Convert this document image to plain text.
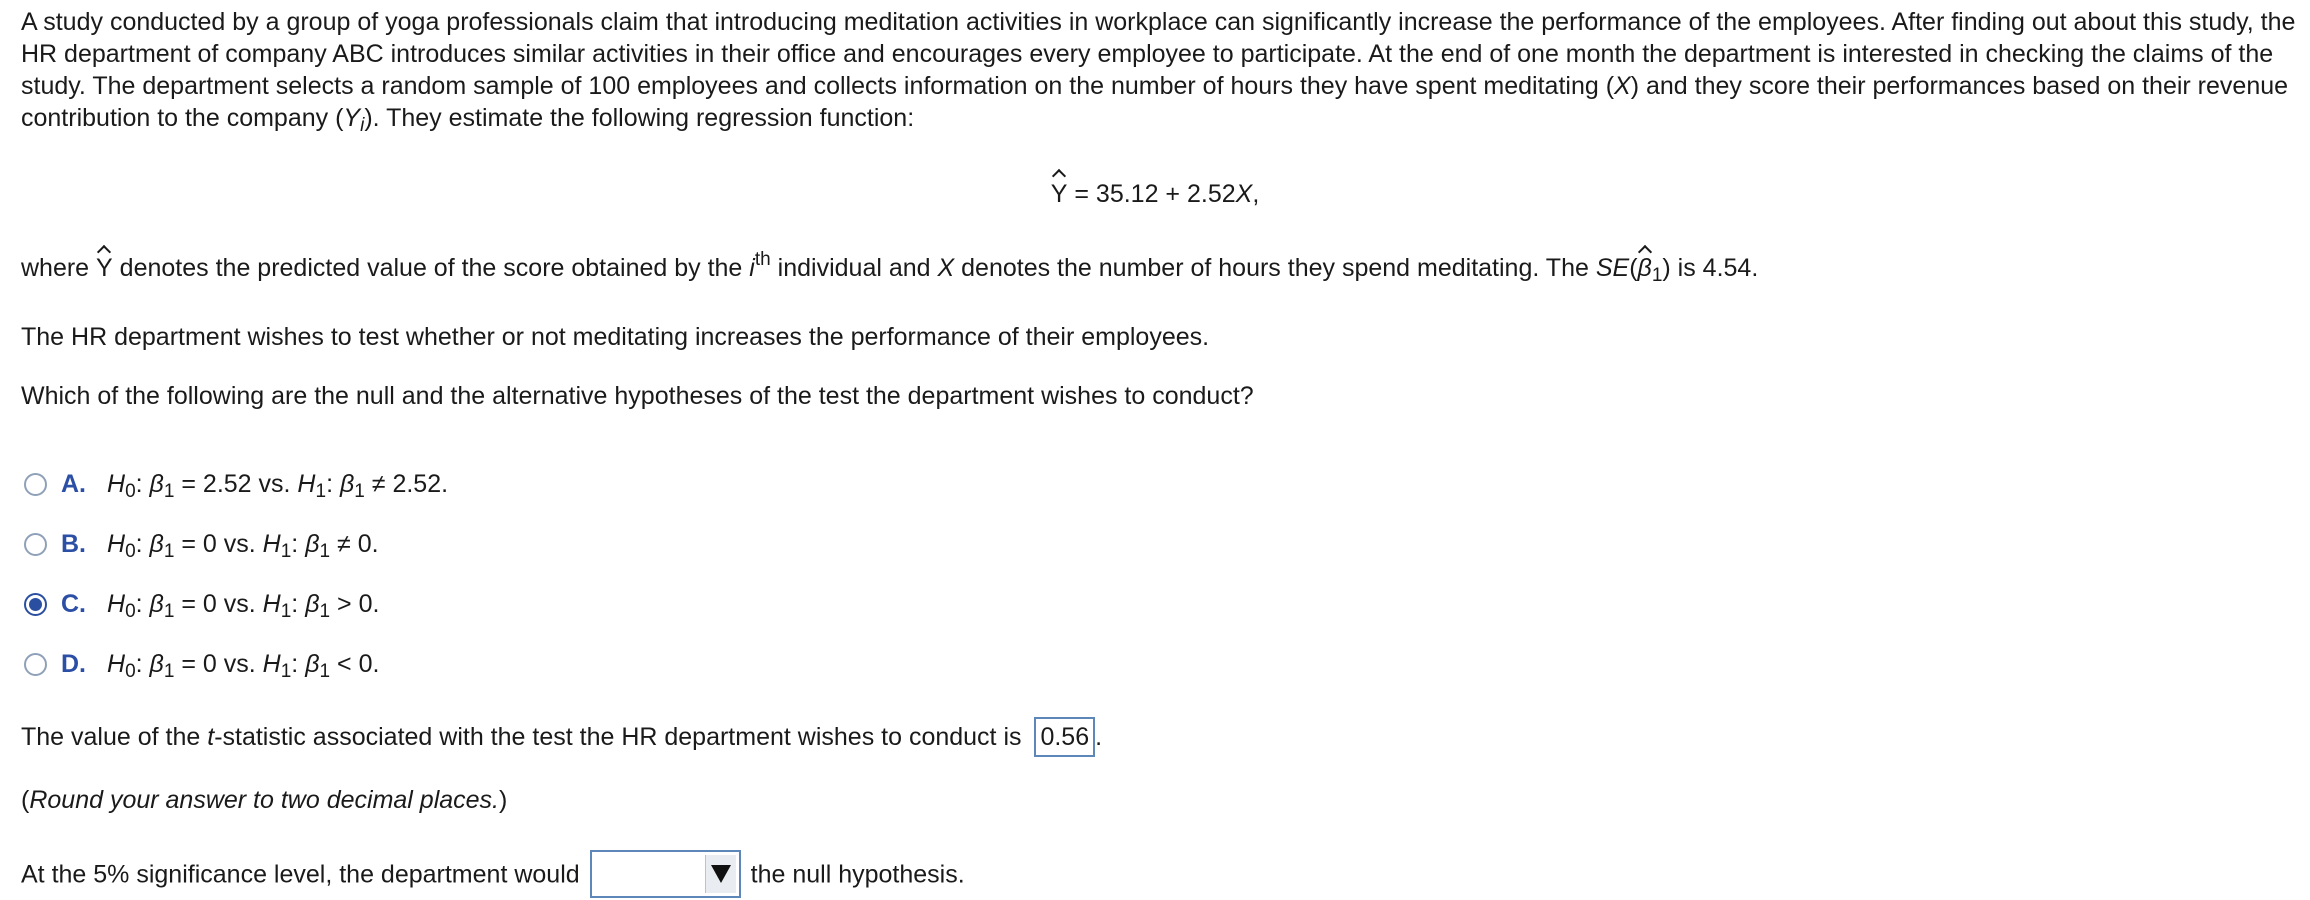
A study conducted by a group of yoga professionals claim that introducing meditation activities in workplace can significantly increase the performance of the employees. After finding out about this study, the HR department of company ABC introduces similar activities in their office and encourages every employee to participate. At the end of one month the department is interested in checking the claims of the study. The department selects a random sample of 100 employees and collects information on the number of hours they have spent meditating (X) and they score their performances based on their revenue contribution to the company $(Y_i)$. They estimate the following regression function:

Y = 35.12 + 2.52X,
where Y denotes the predicted value of the score obtained by the $i^{th}$ individual and X denotes the number of hours they spend meditating. The $SE(\beta_1)$ is 4.54.
The HR department wishes to test whether or not meditating increases the performance of their employees.
Which of the following are the null and the alternative hypotheses of the test the department wishes to conduct?
A. $H_0$: $\beta_1 = 2.52$ vs. $H_1$: $\beta_1 \ne 2.52$.
B. $H_0$: $\beta_1 = 0$ vs. $H_1$: $\beta_1 \ne 0$.
C. $H_0$: $\beta_1 = 0$ vs. $H_1$: $\beta_1 > 0$.
D. $H_0$: $\beta_1 = 0$ vs. $H_1$: $\beta_1 < 0$.
The value of the t-statistic associated with the test the HR department wishes to conduct is 0.56 .
(Round your answer to two decimal places.)
At the 5% significance level, the department would	the null hypothesis.
